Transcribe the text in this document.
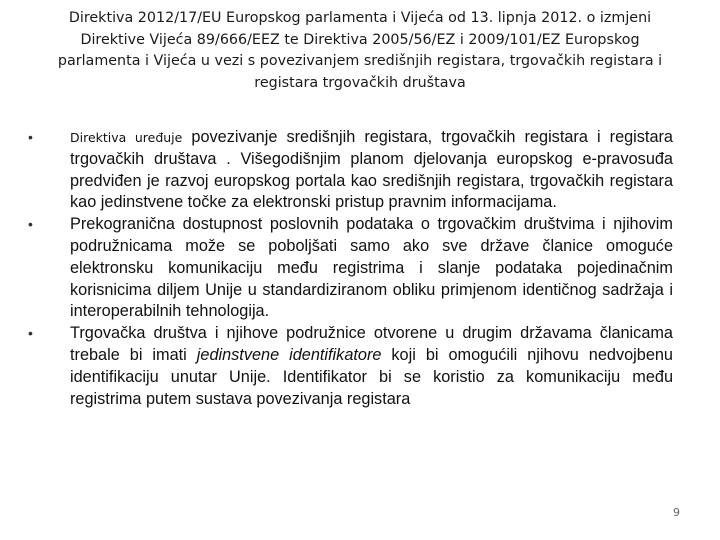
Direktiva 2012/17/EU Europskog parlamenta i Vijeća od 13. lipnja 2012. o izmjeni Direktive Vijeća 89/666/EEZ te Direktiva 2005/56/EZ i 2009/101/EZ Europskog parlamenta i Vijeća u vezi s povezivanjem središnjih registara, trgovačkih registara i registara trgovačkih društava
•	Direktiva uređuje povezivanje središnjih registara, trgovačkih registara i registara trgovačkih društava . Višegodišnjim planom djelovanja europskog e-pravosuđa predviđen je razvoj europskog portala kao središnjih registara, trgovačkih registara kao jedinstvene točke za elektronski pristup pravnim informacijama.
• Prekogranična dostupnost poslovnih podataka o trgovačkim društvima i njihovim podružnicama može se poboljšati samo ako sve države članice omoguće elektronsku komunikaciju među registrima i slanje podataka pojedinačnim korisnicima diljem Unije u standardiziranom obliku primjenom identičnog sadržaja i interoperabilnih tehnologija.
• Trgovačka društva i njihove podružnice otvorene u drugim državama članicama trebale bi imati jedinstvene identifikatore koji bi omogućili njihovu nedvojbenu identifikaciju unutar Unije. Identifikator bi se koristio za komunikaciju među registrima putem sustava povezivanja registara
9
